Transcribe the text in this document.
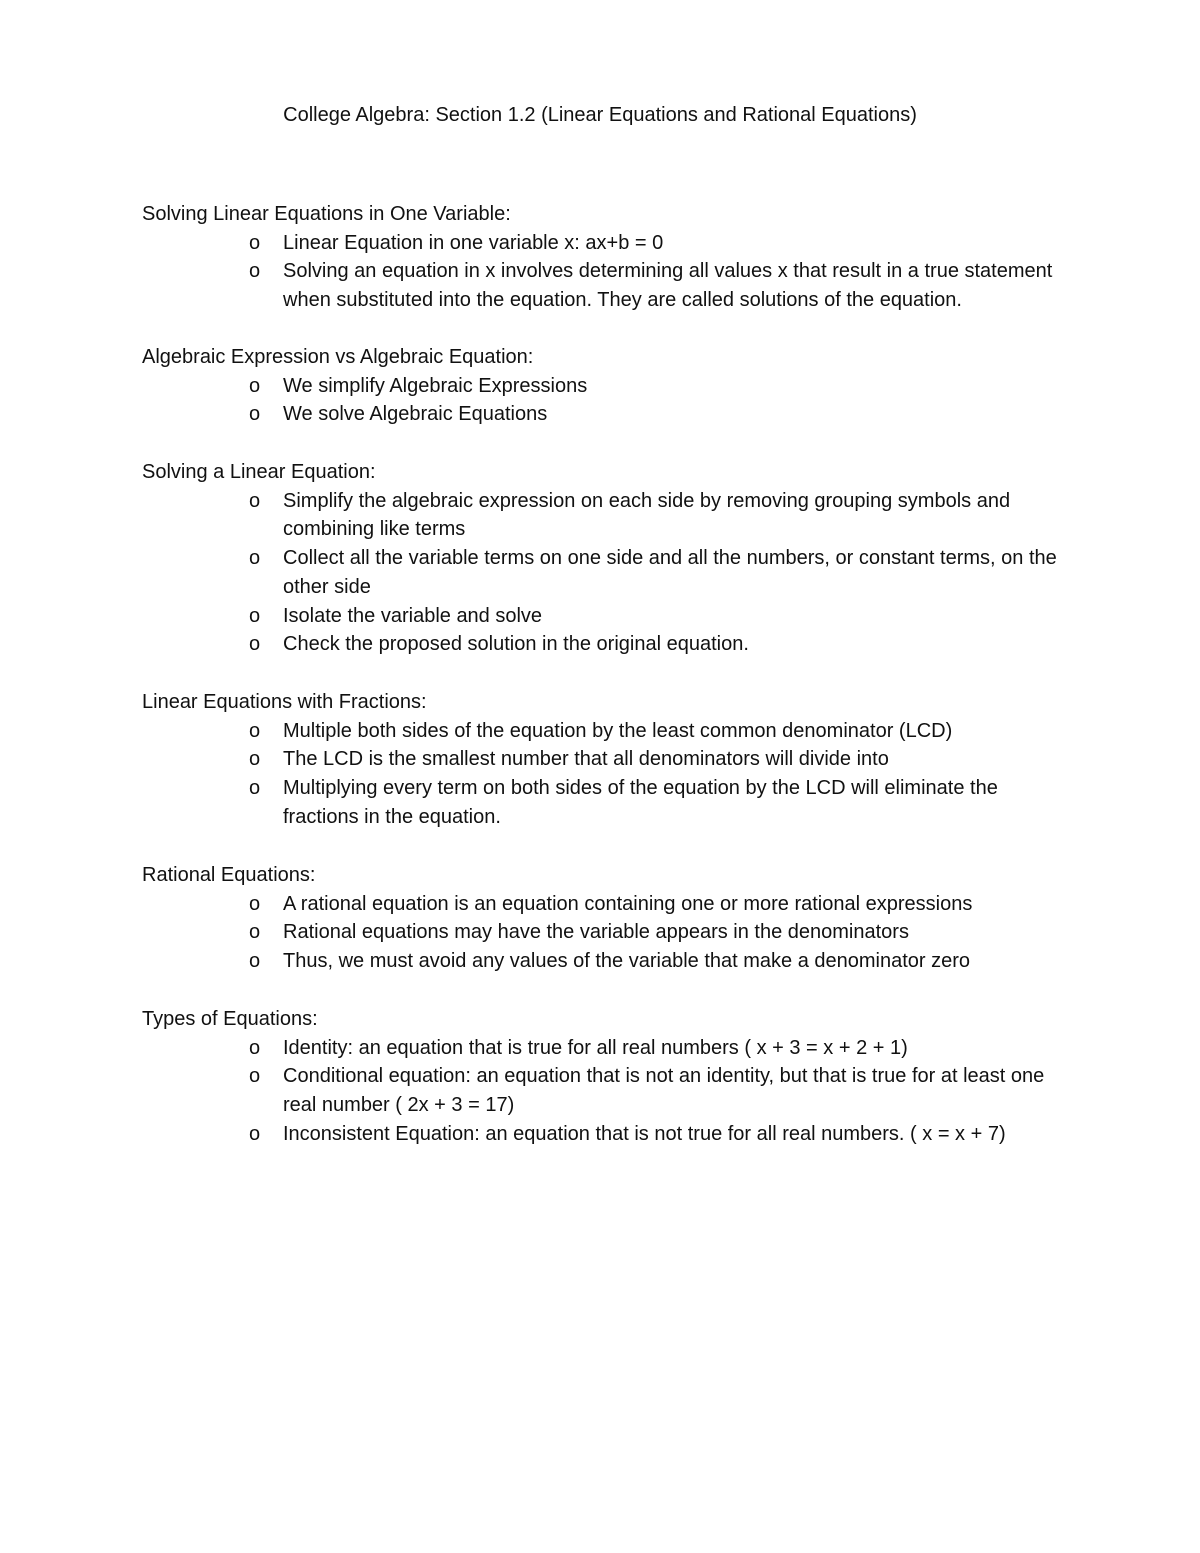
College Algebra: Section 1.2 (Linear Equations and Rational Equations)

Solving Linear Equations in One Variable:

o Linear Equation in one variable x: ax+b = 0
o Solving an equation in x involves determining all values x that result in a true statement when substituted into the equation. They are called solutions of the equation.

Algebraic Expression vs Algebraic Equation:

o We simplify Algebraic Expressions
o We solve Algebraic Equations

Solving a Linear Equation:

o Simplify the algebraic expression on each side by removing grouping symbols and combining like terms
o Collect all the variable terms on one side and all the numbers, or constant terms, on the other side
o Isolate the variable and solve
o Check the proposed solution in the original equation.

Linear Equations with Fractions:

o Multiple both sides of the equation by the least common denominator (LCD)
o The LCD is the smallest number that all denominators will divide into
o Multiplying every term on both sides of the equation by the LCD will eliminate the fractions in the equation.

Rational Equations:

o A rational equation is an equation containing one or more rational expressions
o Rational equations may have the variable appears in the denominators
o Thus, we must avoid any values of the variable that make a denominator zero

Types of Equations:

o Identity: an equation that is true for all real numbers ( x + 3 = x + 2 + 1)
o Conditional equation: an equation that is not an identity, but that is true for at least one real number ( 2x + 3 = 17)
o Inconsistent Equation: an equation that is not true for all real numbers. ( x = x + 7)
